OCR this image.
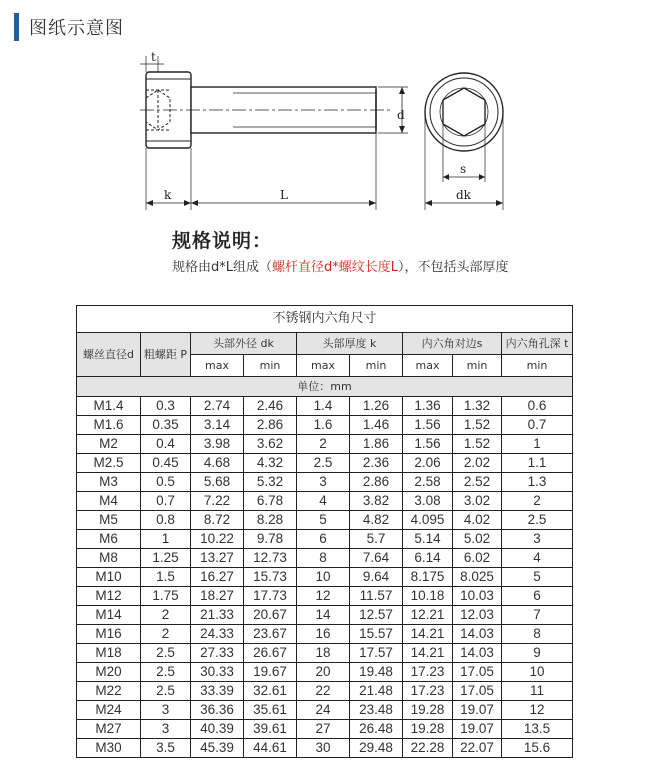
图纸示意图
t
d
k	L
s
dk
规格说明：
规格由d*L组成（螺杆直径d*螺纹长度L），不包括头部厚度
不锈钢内六角尺寸								
螺丝直径d	粗螺距 P	头部外径 dk		头部厚度 k		内六角对边s		内六角孔深 t
		max	min	max	min	max	min	min
单位：mm								
M1.4	0.3	2.74	2.46	1.4	1.26	1.36	1.32	0.6
M1.6	0.35	3.14	2.86	1.6	1.46	1.56	1.52	0.7
M2	0.4	3.98	3.62	2	1.86	1.56	1.52	1
M2.5	0.45	4.68	4.32	2.5	2.36	2.06	2.02	1.1
M3	0.5	5.68	5.32	3	2.86	2.58	2.52	1.3
M4	0.7	7.22	6.78	4	3.82	3.08	3.02	2
M5	0.8	8.72	8.28	5	4.82	4.095	4.02	2.5
M6	1	10.22	9.78	6	5.7	5.14	5.02	3
M8	1.25	13.27	12.73	8	7.64	6.14	6.02	4
M10	1.5	16.27	15.73	10	9.64	8.175	8.025	5
M12	1.75	18.27	17.73	12	11.57	10.18	10.03	6
M14	2	21.33	20.67	14	12.57	12.21	12.03	7
M16	2	24.33	23.67	16	15.57	14.21	14.03	8
M18	2.5	27.33	26.67	18	17.57	14.21	14.03	9
M20	2.5	30.33	19.67	20	19.48	17.23	17.05	10
M22	2.5	33.39	32.61	22	21.48	17.23	17.05	11
M24	3	36.36	35.61	24	23.48	19.28	19.07	12
M27	3	40.39	39.61	27	26.48	19.28	19.07	13.5
M30	3.5	45.39	44.61	30	29.48	22.28	22.07	15.6
